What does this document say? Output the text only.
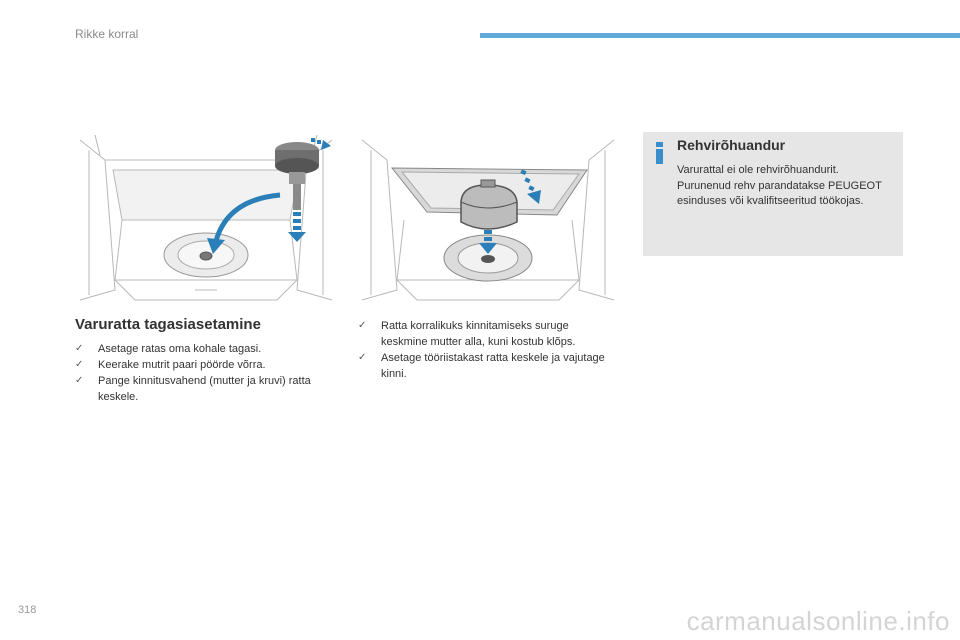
Rikke korral
Varuratta tagasiasetamine
✓ Asetage ratas oma kohale tagasi.
✓ Keerake mutrit paari pöörde võrra.
✓ Pange kinnitusvahend (mutter ja kruvi) ratta keskele.
✓ Ratta korralikuks kinnitamiseks suruge keskmine mutter alla, kuni kostub klõps.
✓ Asetage tööriistakast ratta keskele ja vajutage kinni.
Rehvirõhuandur

Varurattal ei ole rehvirõhuandurit. Purunenud rehv parandatakse PEUGEOT esinduses või kvalifitseeritud töökojas.

318	carmanualsonline.info
